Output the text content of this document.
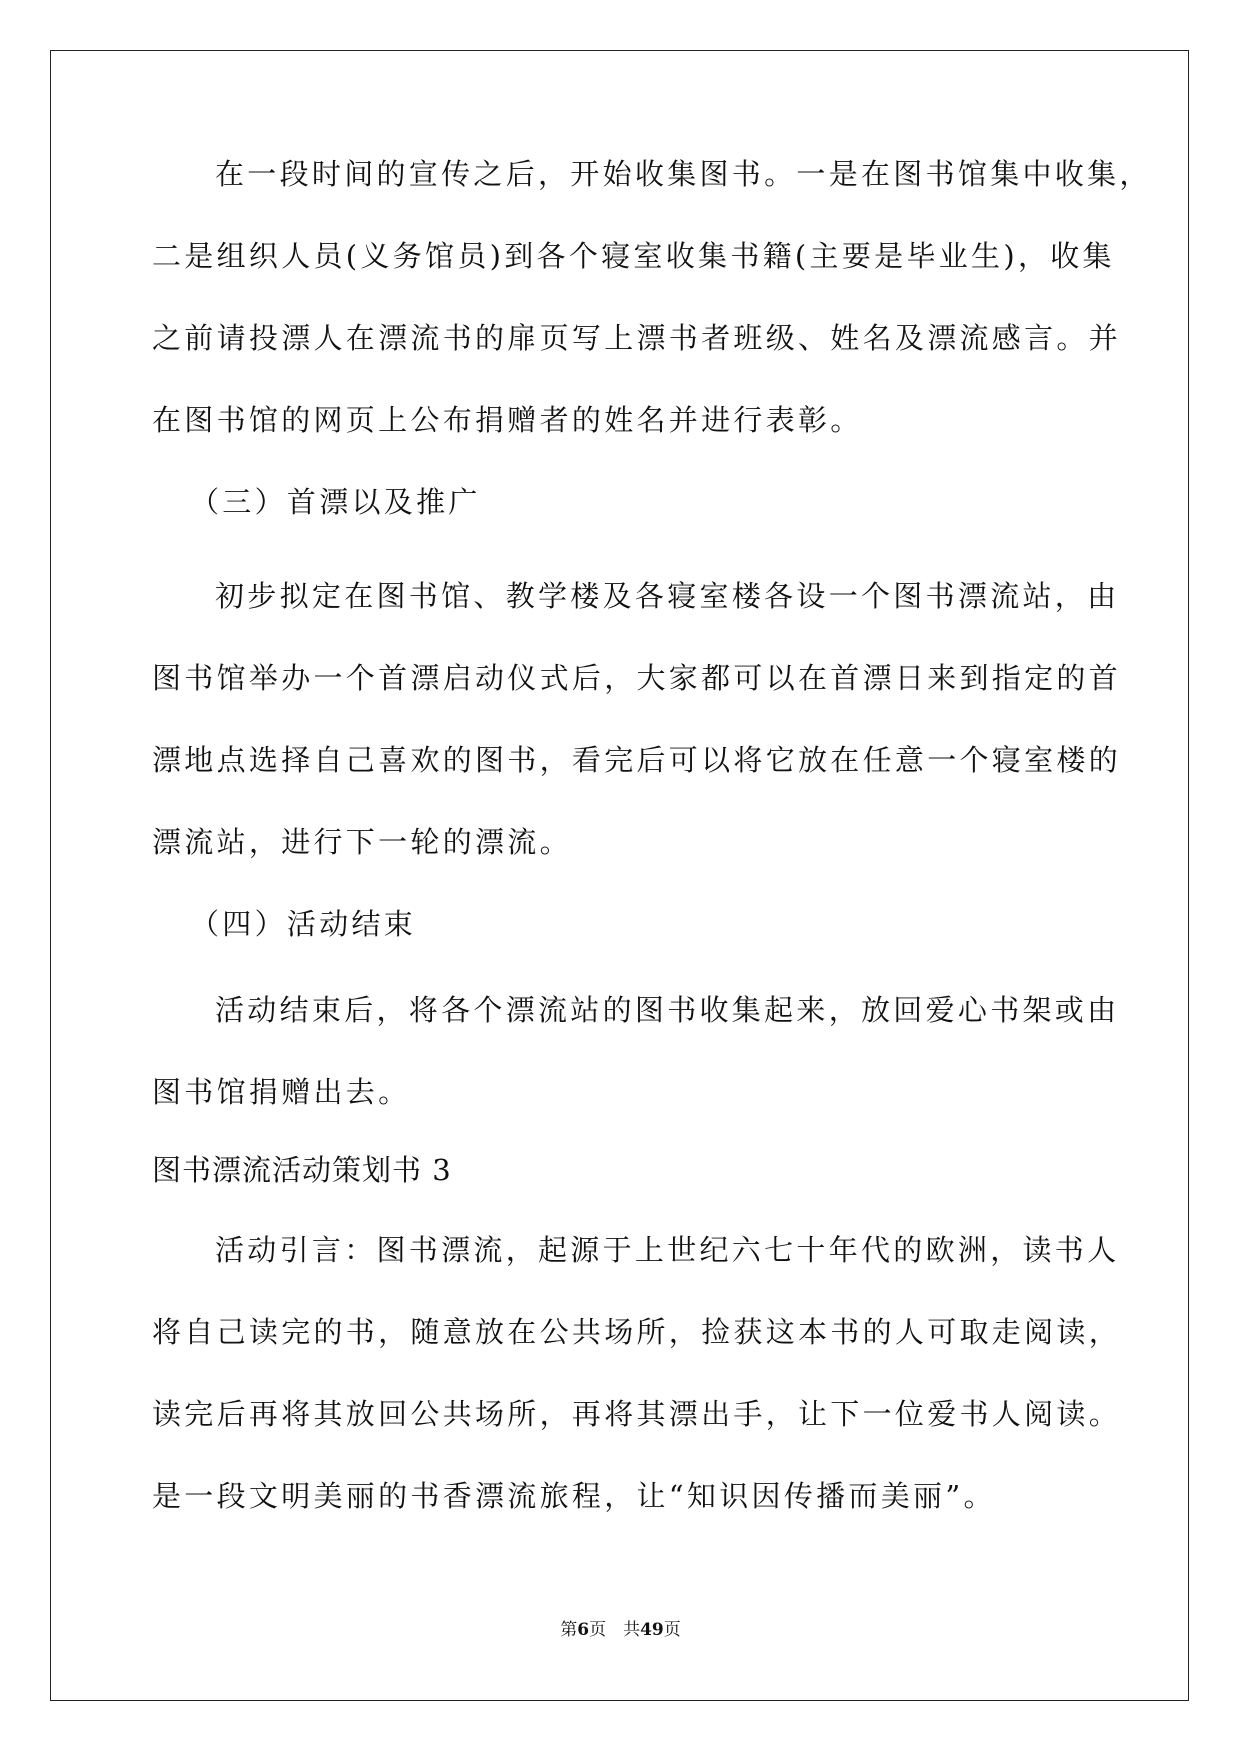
在一段时间的宣传之后，开始收集图书。一是在图书馆集中收集，
二是组织人员(义务馆员)到各个寝室收集书籍(主要是毕业生)，收集
之前请投漂人在漂流书的扉页写上漂书者班级、姓名及漂流感言。并
在图书馆的网页上公布捐赠者的姓名并进行表彰。
（三）首漂以及推广
初步拟定在图书馆、教学楼及各寝室楼各设一个图书漂流站，由
图书馆举办一个首漂启动仪式后，大家都可以在首漂日来到指定的首
漂地点选择自己喜欢的图书，看完后可以将它放在任意一个寝室楼的
漂流站，进行下一轮的漂流。
（四）活动结束
活动结束后，将各个漂流站的图书收集起来，放回爱心书架或由
图书馆捐赠出去。
图书漂流活动策划书 3
活动引言：图书漂流，起源于上世纪六七十年代的欧洲，读书人
将自己读完的书，随意放在公共场所，捡获这本书的人可取走阅读，
读完后再将其放回公共场所，再将其漂出手，让下一位爱书人阅读。
是一段文明美丽的书香漂流旅程，让“知识因传播而美丽”。
第6页　共49页
